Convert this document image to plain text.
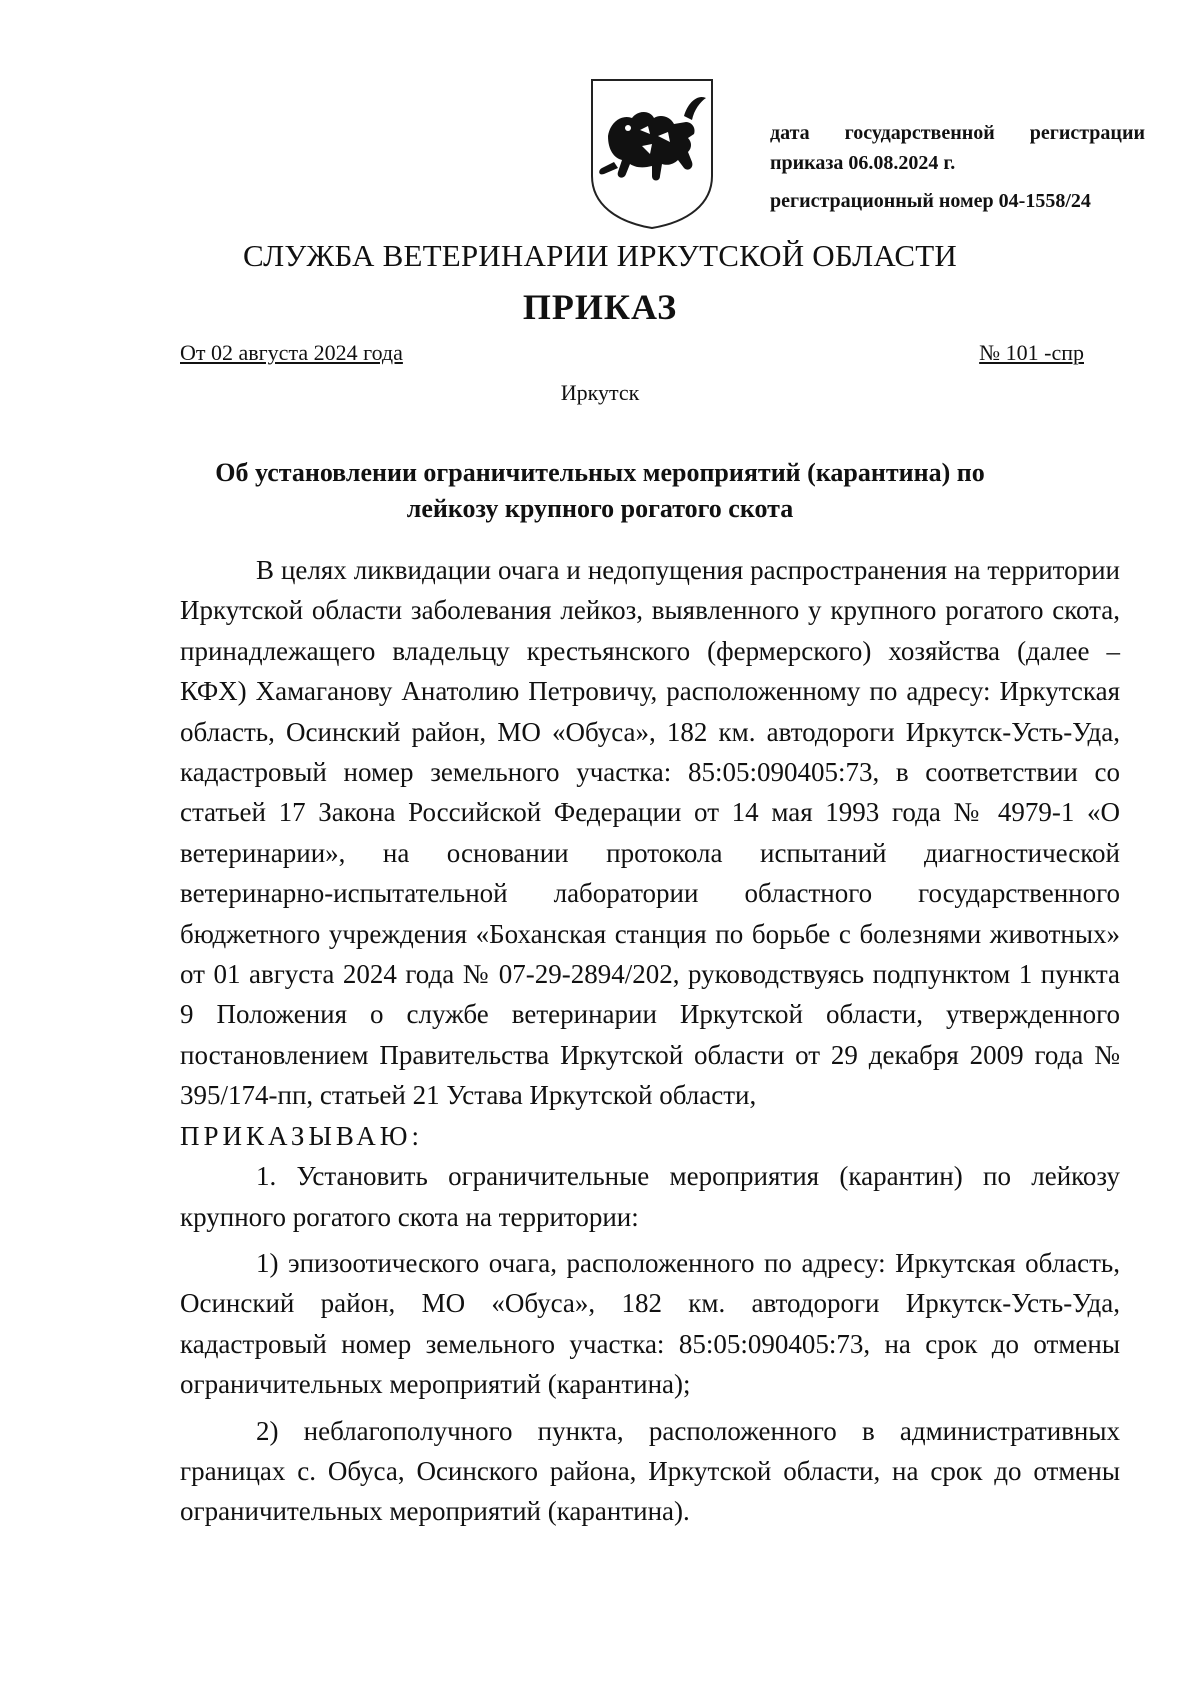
дата государственной регистрации
приказа 06.08.2024 г.
регистрационный номер 04-1558/24
СЛУЖБА ВЕТЕРИНАРИИ ИРКУТСКОЙ ОБЛАСТИ
ПРИКАЗ
От 02 августа 2024 года	№ 101 -спр
Иркутск
Об установлении ограничительных мероприятий (карантина) по
лейкозу крупного рогатого скота

В целях ликвидации очага и недопущения распространения на территории Иркутской области заболевания лейкоз, выявленного у крупного рогатого скота, принадлежащего владельцу крестьянского (фермерского) хозяйства (далее – КФХ) Хамаганову Анатолию Петровичу, расположенному по адресу: Иркутская область, Осинский район, МО «Обуса», 182 км. автодороги Иркутск-Усть-Уда, кадастровый номер земельного участка: 85:05:090405:73, в соответствии со статьей 17 Закона Российской Федерации от 14 мая 1993 года № 4979-1 «О ветеринарии», на основании протокола испытаний диагностической ветеринарно-испытательной лаборатории областного государственного бюджетного учреждения «Боханская станция по борьбе с болезнями животных» от 01 августа 2024 года № 07-29-2894/202, руководствуясь подпунктом 1 пункта 9 Положения о службе ветеринарии Иркутской области, утвержденного постановлением Правительства Иркутской области от 29 декабря 2009 года № 395/174-пп, статьей 21 Устава Иркутской области,

ПРИКАЗЫВАЮ:

1. Установить ограничительные мероприятия (карантин) по лейкозу крупного рогатого скота на территории:

1) эпизоотического очага, расположенного по адресу: Иркутская область, Осинский район, МО «Обуса», 182 км. автодороги Иркутск-Усть-Уда, кадастровый номер земельного участка: 85:05:090405:73, на срок до отмены ограничительных мероприятий (карантина);

2) неблагополучного пункта, расположенного в административных границах с. Обуса, Осинского района, Иркутской области, на срок до отмены ограничительных мероприятий (карантина).
